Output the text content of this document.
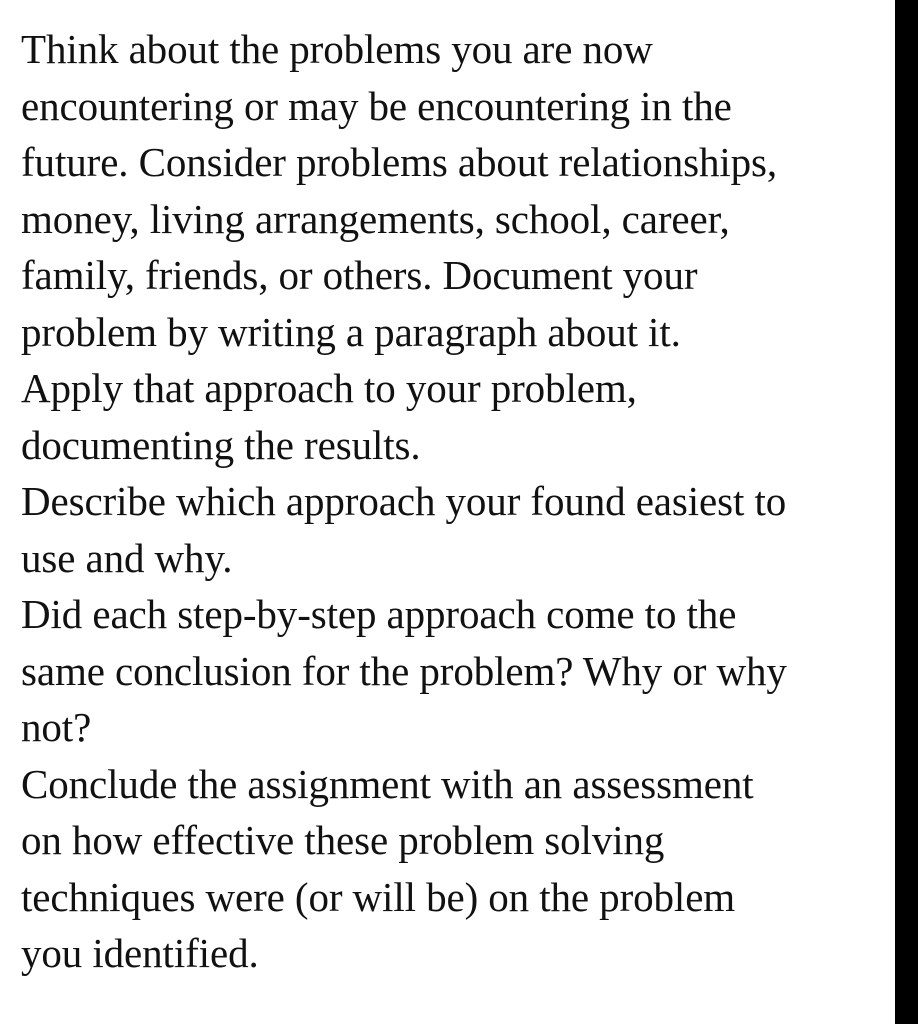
Think about the problems you are now
encountering or may be encountering in the
future. Consider problems about relationships,
money, living arrangements, school, career,
family, friends, or others. Document your
problem by writing a paragraph about it.
Apply that approach to your problem,
documenting the results.
Describe which approach your found easiest to
use and why.
Did each step-by-step approach come to the
same conclusion for the problem? Why or why
not?
Conclude the assignment with an assessment
on how effective these problem solving
techniques were (or will be) on the problem
you identified.
